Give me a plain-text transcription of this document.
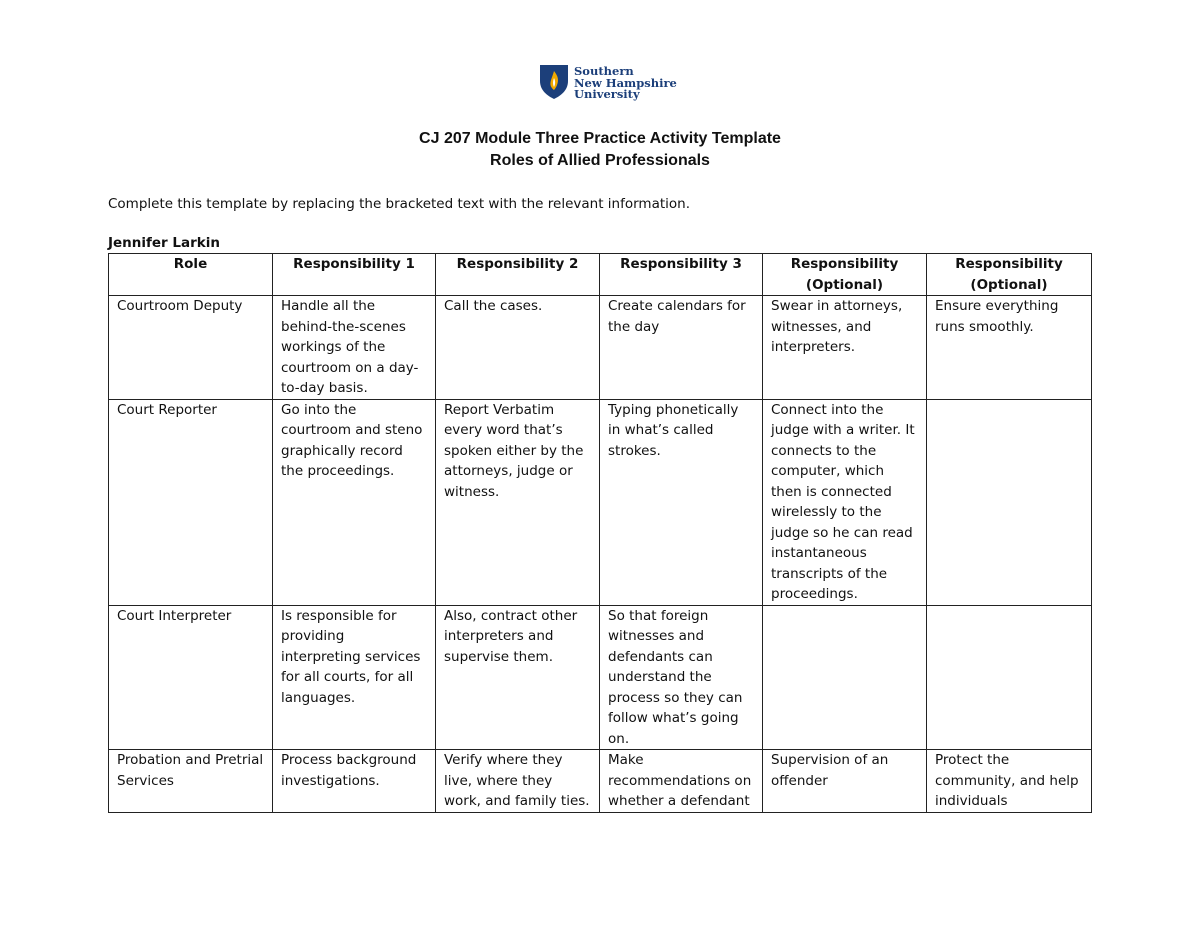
Southern
New Hampshire
University
CJ 207 Module Three Practice Activity Template
Roles of Allied Professionals
Complete this template by replacing the bracketed text with the relevant information.
Jennifer Larkin
Role	Responsibility 1	Responsibility 2	Responsibility 3	Responsibility (Optional)	Responsibility (Optional)
Courtroom Deputy	Handle all the behind-the-scenes workings of the courtroom on a day-to-day basis.	Call the cases.	Create calendars for the day	Swear in attorneys, witnesses, and interpreters.	Ensure everything runs smoothly.
Court Reporter	Go into the courtroom and steno graphically record the proceedings.	Report Verbatim every word that’s spoken either by the attorneys, judge or witness.	Typing phonetically in what’s called strokes.	Connect into the judge with a writer. It connects to the computer, which then is connected wirelessly to the judge so he can read instantaneous transcripts of the proceedings.	
Court Interpreter	Is responsible for providing interpreting services for all courts, for all languages.	Also, contract other interpreters and supervise them.	So that foreign witnesses and defendants can understand the process so they can follow what’s going on.		
Probation and Pretrial Services	Process background investigations.	Verify where they live, where they work, and family ties.	Make recommendations on whether a defendant	Supervision of an offender	Protect the community, and help individuals
